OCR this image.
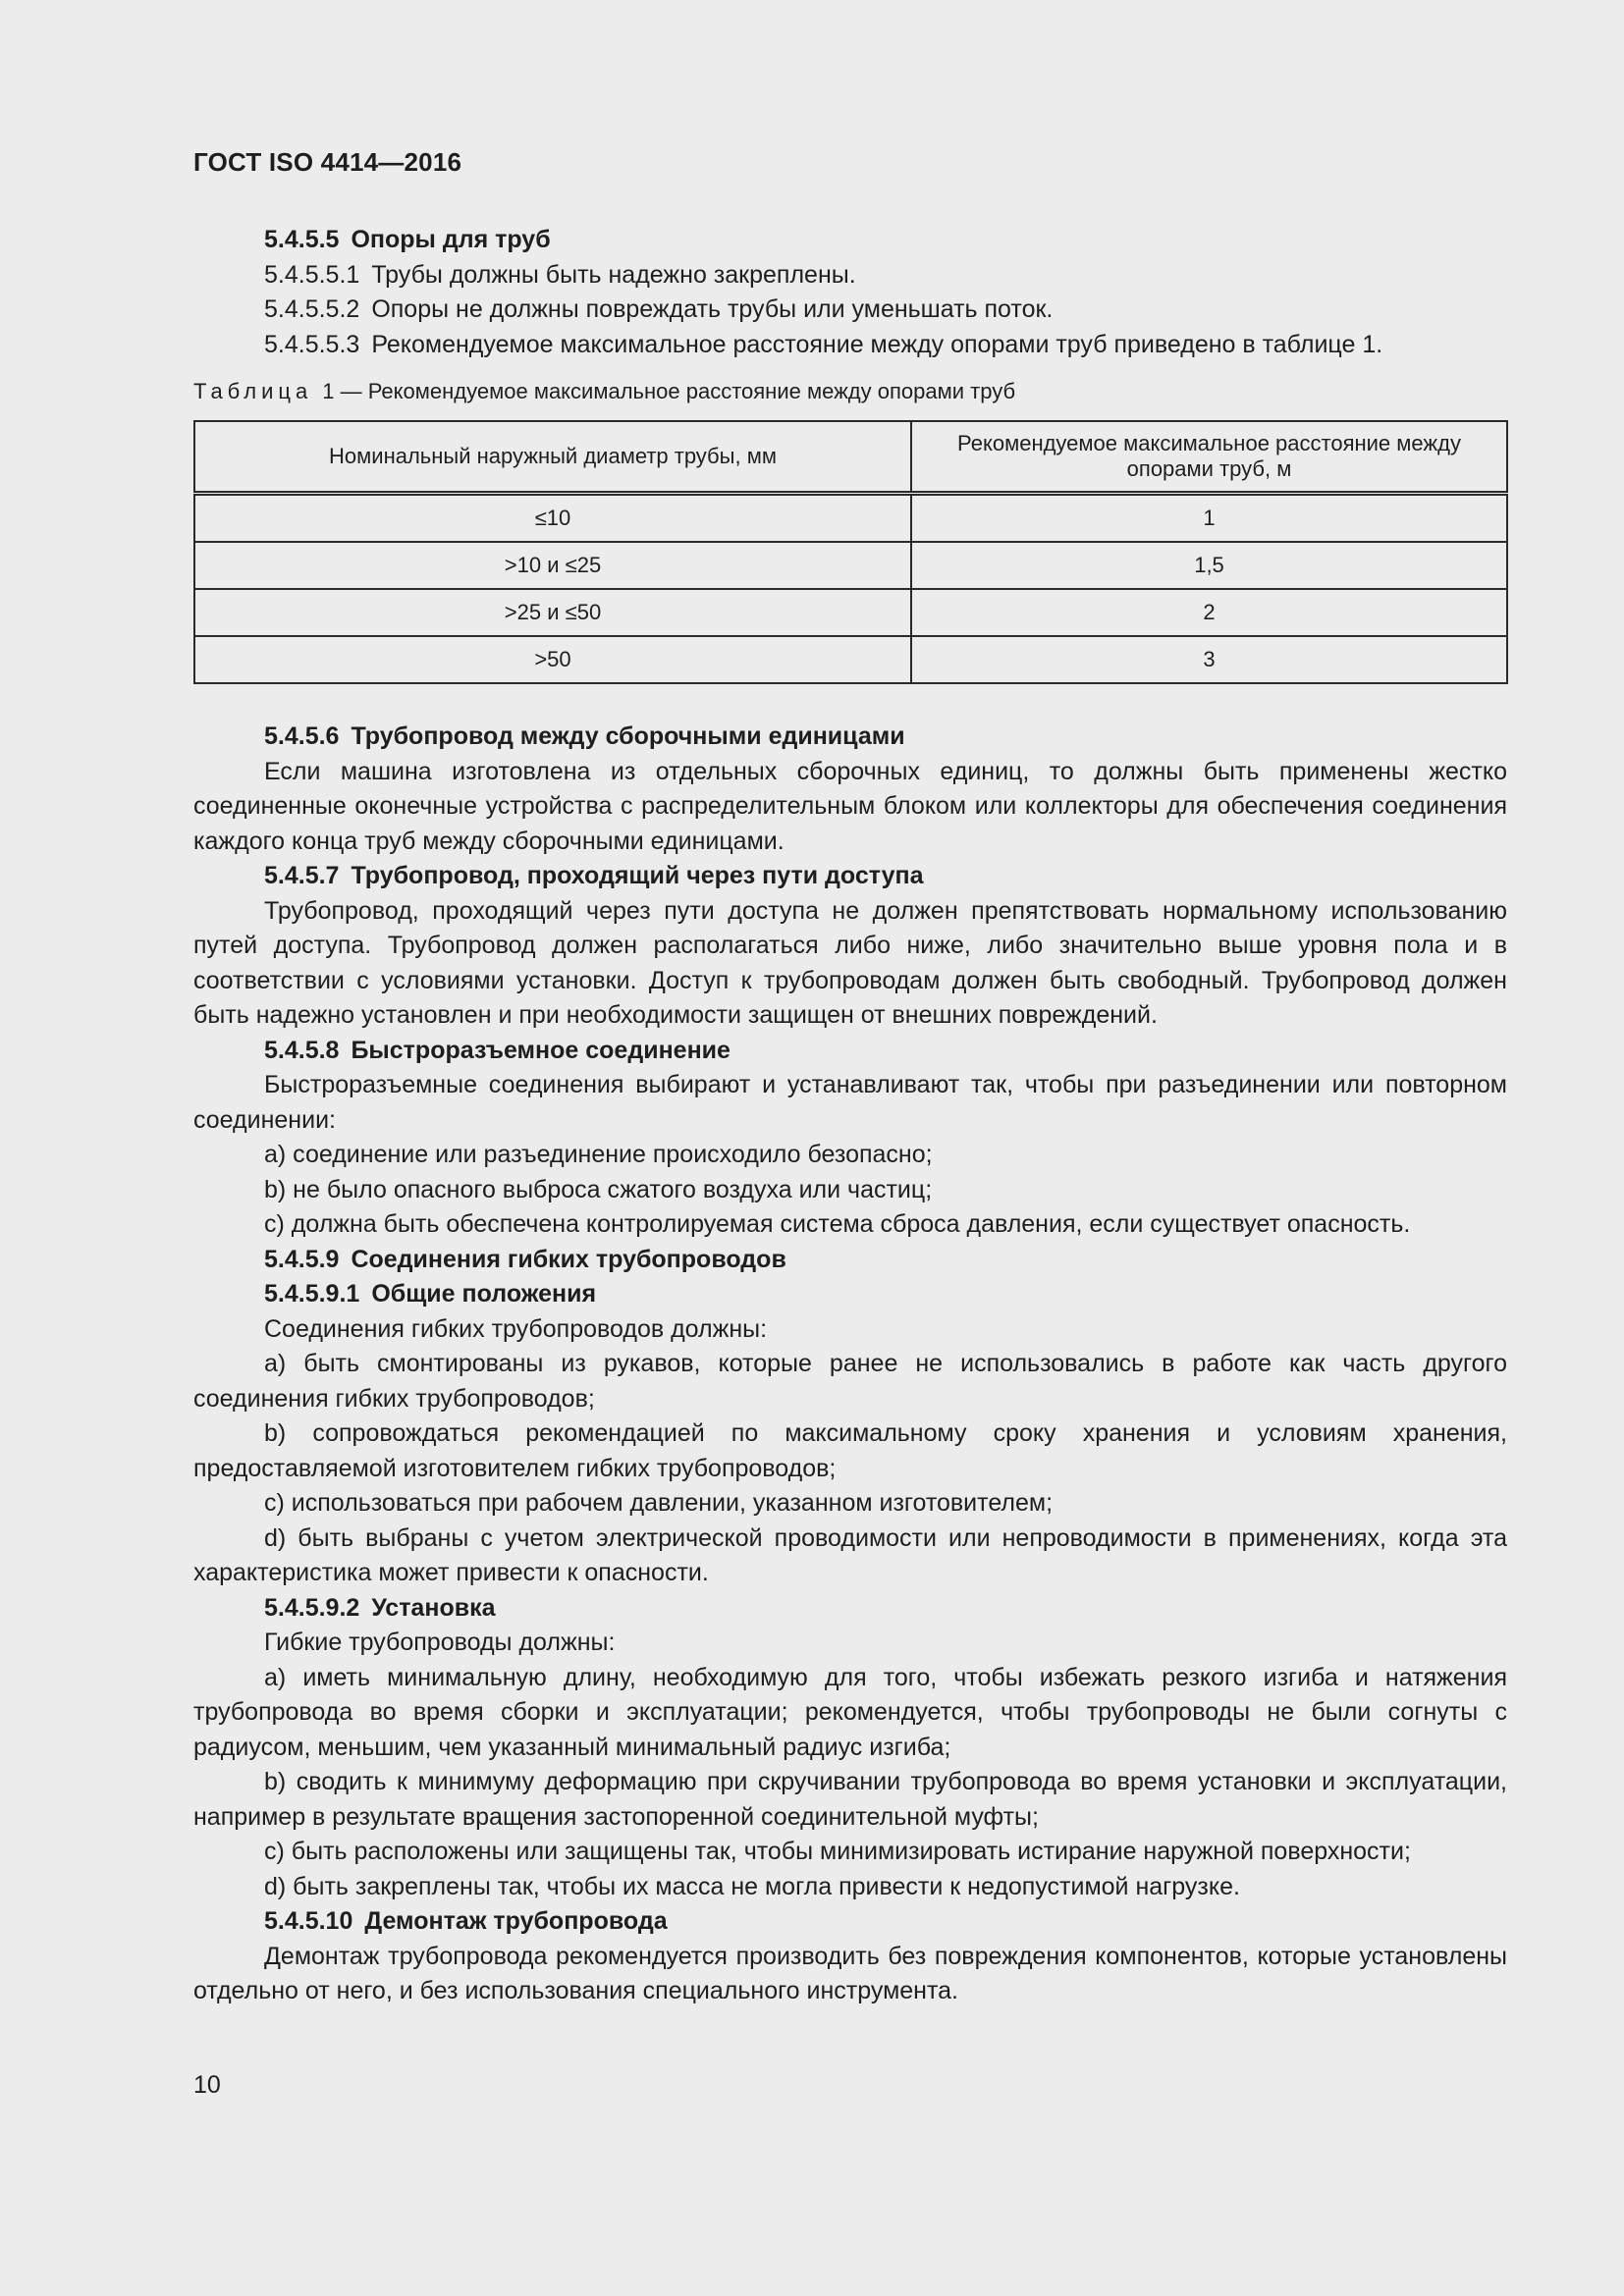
ГОСТ ISO 4414—2016

5.4.5.5 Опоры для труб

5.4.5.5.1 Трубы должны быть надежно закреплены.

5.4.5.5.2 Опоры не должны повреждать трубы или уменьшать поток.

5.4.5.5.3 Рекомендуемое максимальное расстояние между опорами труб приведено в таблице 1.

Таблица 1 — Рекомендуемое максимальное расстояние между опорами труб
Номинальный наружный диаметр трубы, мм	Рекомендуемое максимальное расстояние между опорами труб, м
≤10	1
>10 и ≤25	1,5
>25 и ≤50	2
>50	3

5.4.5.6 Трубопровод между сборочными единицами

Если машина изготовлена из отдельных сборочных единиц, то должны быть применены жестко соединенные оконечные устройства с распределительным блоком или коллекторы для обеспечения соединения каждого конца труб между сборочными единицами.

5.4.5.7 Трубопровод, проходящий через пути доступа

Трубопровод, проходящий через пути доступа не должен препятствовать нормальному использованию путей доступа. Трубопровод должен располагаться либо ниже, либо значительно выше уровня пола и в соответствии с условиями установки. Доступ к трубопроводам должен быть свободный. Трубопровод должен быть надежно установлен и при необходимости защищен от внешних повреждений.

5.4.5.8 Быстроразъемное соединение

Быстроразъемные соединения выбирают и устанавливают так, чтобы при разъединении или повторном соединении:

a) соединение или разъединение происходило безопасно;

b) не было опасного выброса сжатого воздуха или частиц;

c) должна быть обеспечена контролируемая система сброса давления, если существует опасность.

5.4.5.9 Соединения гибких трубопроводов

5.4.5.9.1 Общие положения

Соединения гибких трубопроводов должны:

a) быть смонтированы из рукавов, которые ранее не использовались в работе как часть другого соединения гибких трубопроводов;

b) сопровождаться рекомендацией по максимальному сроку хранения и условиям хранения, предоставляемой изготовителем гибких трубопроводов;

c) использоваться при рабочем давлении, указанном изготовителем;

d) быть выбраны с учетом электрической проводимости или непроводимости в применениях, когда эта характеристика может привести к опасности.

5.4.5.9.2 Установка

Гибкие трубопроводы должны:

a) иметь минимальную длину, необходимую для того, чтобы избежать резкого изгиба и натяжения трубопровода во время сборки и эксплуатации; рекомендуется, чтобы трубопроводы не были согнуты с радиусом, меньшим, чем указанный минимальный радиус изгиба;

b) сводить к минимуму деформацию при скручивании трубопровода во время установки и эксплуатации, например в результате вращения застопоренной соединительной муфты;

c) быть расположены или защищены так, чтобы минимизировать истирание наружной поверхности;

d) быть закреплены так, чтобы их масса не могла привести к недопустимой нагрузке.

5.4.5.10 Демонтаж трубопровода

Демонтаж трубопровода рекомендуется производить без повреждения компонентов, которые установлены отдельно от него, и без использования специального инструмента.

10
